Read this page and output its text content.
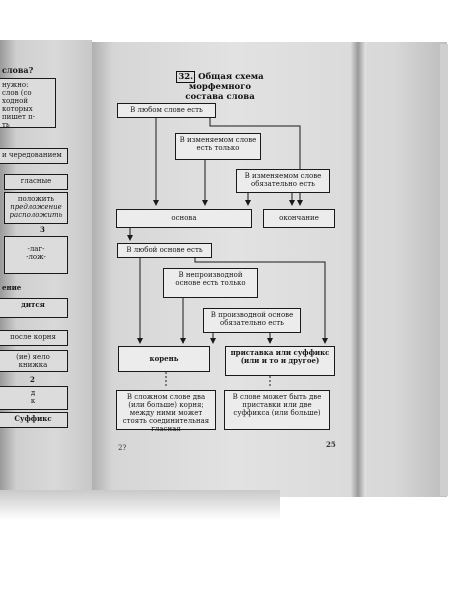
слова?
нужно:
слов (со ходной
которых пишет п-
ть
и чередованием
гласные
положить
предложение
расположить
3
-лаг-
-лож-
ение
дится
после корня
(ие) яело
книжка
2
д
к
Суффикс
32. Общая схема морфемного
состава слова
В любом слове есть
В изменяемом слове есть только
В изменяемом слове обязательно есть
основа	окончание
В любой основе есть
В непроизводной основе есть только
В производной основе обязательно есть
корень
приставка или суффикс (или и то и другое)
В сложном слове два (или больше) корня; между ними может стоять соединительная гласная
В слове может быть две приставки или две суффикса (или больше)
2?	25
